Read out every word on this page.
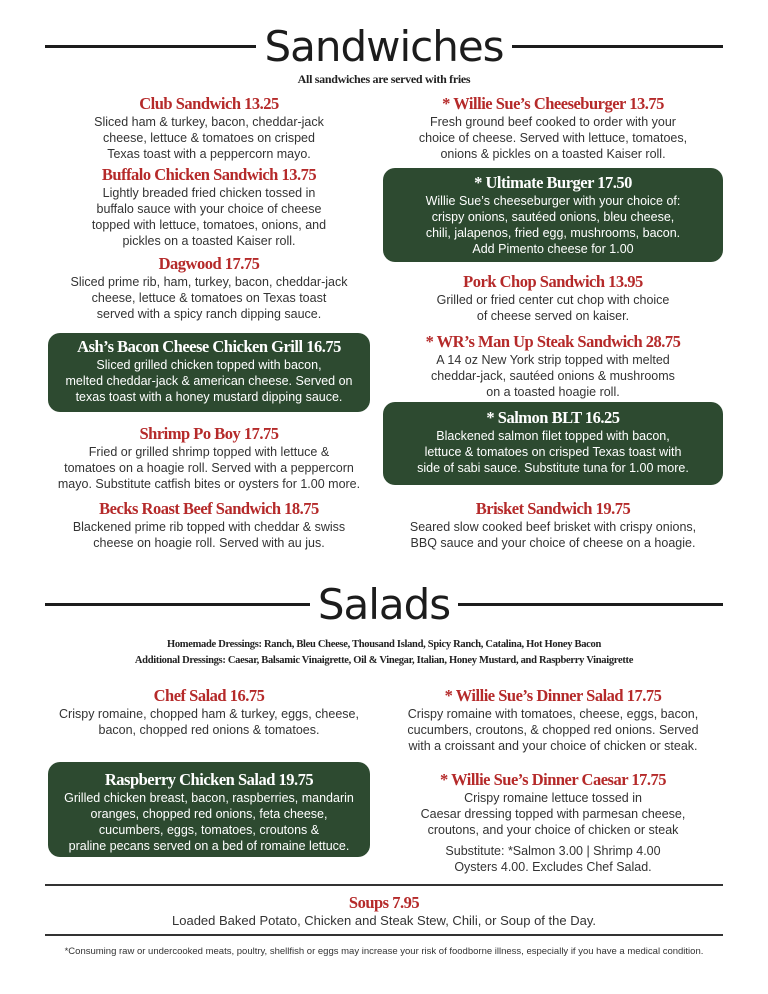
Sandwiches
All sandwiches are served with fries
Club Sandwich 13.25
Sliced ham & turkey, bacon, cheddar-jack
cheese, lettuce & tomatoes on crisped
Texas toast with a peppercorn mayo.
Buffalo Chicken Sandwich 13.75
Lightly breaded fried chicken tossed in
buffalo sauce with your choice of cheese
topped with lettuce, tomatoes, onions, and
pickles on a toasted Kaiser roll.
Dagwood 17.75
Sliced prime rib, ham, turkey, bacon, cheddar-jack
cheese, lettuce & tomatoes on Texas toast
served with a spicy ranch dipping sauce.
Ash’s Bacon Cheese Chicken Grill 16.75
Sliced grilled chicken topped with bacon,
melted cheddar-jack & american cheese. Served on
texas toast with a honey mustard dipping sauce.
Shrimp Po Boy 17.75
Fried or grilled shrimp topped with lettuce &
tomatoes on a hoagie roll. Served with a peppercorn
mayo. Substitute catfish bites or oysters for 1.00 more.
Becks Roast Beef Sandwich 18.75
Blackened prime rib topped with cheddar & swiss
cheese on hoagie roll. Served with au jus.
* Willie Sue’s Cheeseburger 13.75
Fresh ground beef cooked to order with your
choice of cheese. Served with lettuce, tomatoes,
onions & pickles on a toasted Kaiser roll.
* Ultimate Burger 17.50
Willie Sue’s cheeseburger with your choice of:
crispy onions, sautéed onions, bleu cheese,
chili, jalapenos, fried egg, mushrooms, bacon.
Add Pimento cheese for 1.00
Pork Chop Sandwich 13.95
Grilled or fried center cut chop with choice
of cheese served on kaiser.
* WR’s Man Up Steak Sandwich 28.75
A 14 oz New York strip topped with melted
cheddar-jack, sautéed onions & mushrooms
on a toasted hoagie roll.
* Salmon BLT 16.25
Blackened salmon filet topped with bacon,
lettuce & tomatoes on crisped Texas toast with
side of sabi sauce. Substitute tuna for 1.00 more.
Brisket Sandwich 19.75
Seared slow cooked beef brisket with crispy onions,
BBQ sauce and your choice of cheese on a hoagie.
Salads
Homemade Dressings: Ranch, Bleu Cheese, Thousand Island, Spicy Ranch, Catalina, Hot Honey Bacon
Additional Dressings: Caesar, Balsamic Vinaigrette, Oil & Vinegar, Italian, Honey Mustard, and Raspberry Vinaigrette
Chef Salad 16.75
Crispy romaine, chopped ham & turkey, eggs, cheese,
bacon, chopped red onions & tomatoes.
Raspberry Chicken Salad 19.75
Grilled chicken breast, bacon, raspberries, mandarin
oranges, chopped red onions, feta cheese,
cucumbers, eggs, tomatoes, croutons &
praline pecans served on a bed of romaine lettuce.
* Willie Sue’s Dinner Salad 17.75
Crispy romaine with tomatoes, cheese, eggs, bacon,
cucumbers, croutons, & chopped red onions. Served
with a croissant and your choice of chicken or steak.
* Willie Sue’s Dinner Caesar 17.75
Crispy romaine lettuce tossed in
Caesar dressing topped with parmesan cheese,
croutons, and your choice of chicken or steak
Substitute: *Salmon 3.00 | Shrimp 4.00
Oysters 4.00. Excludes Chef Salad.
Soups 7.95
Loaded Baked Potato, Chicken and Steak Stew, Chili, or Soup of the Day.
*Consuming raw or undercooked meats, poultry, shellfish or eggs may increase your risk of foodborne illness, especially if you have a medical condition.
